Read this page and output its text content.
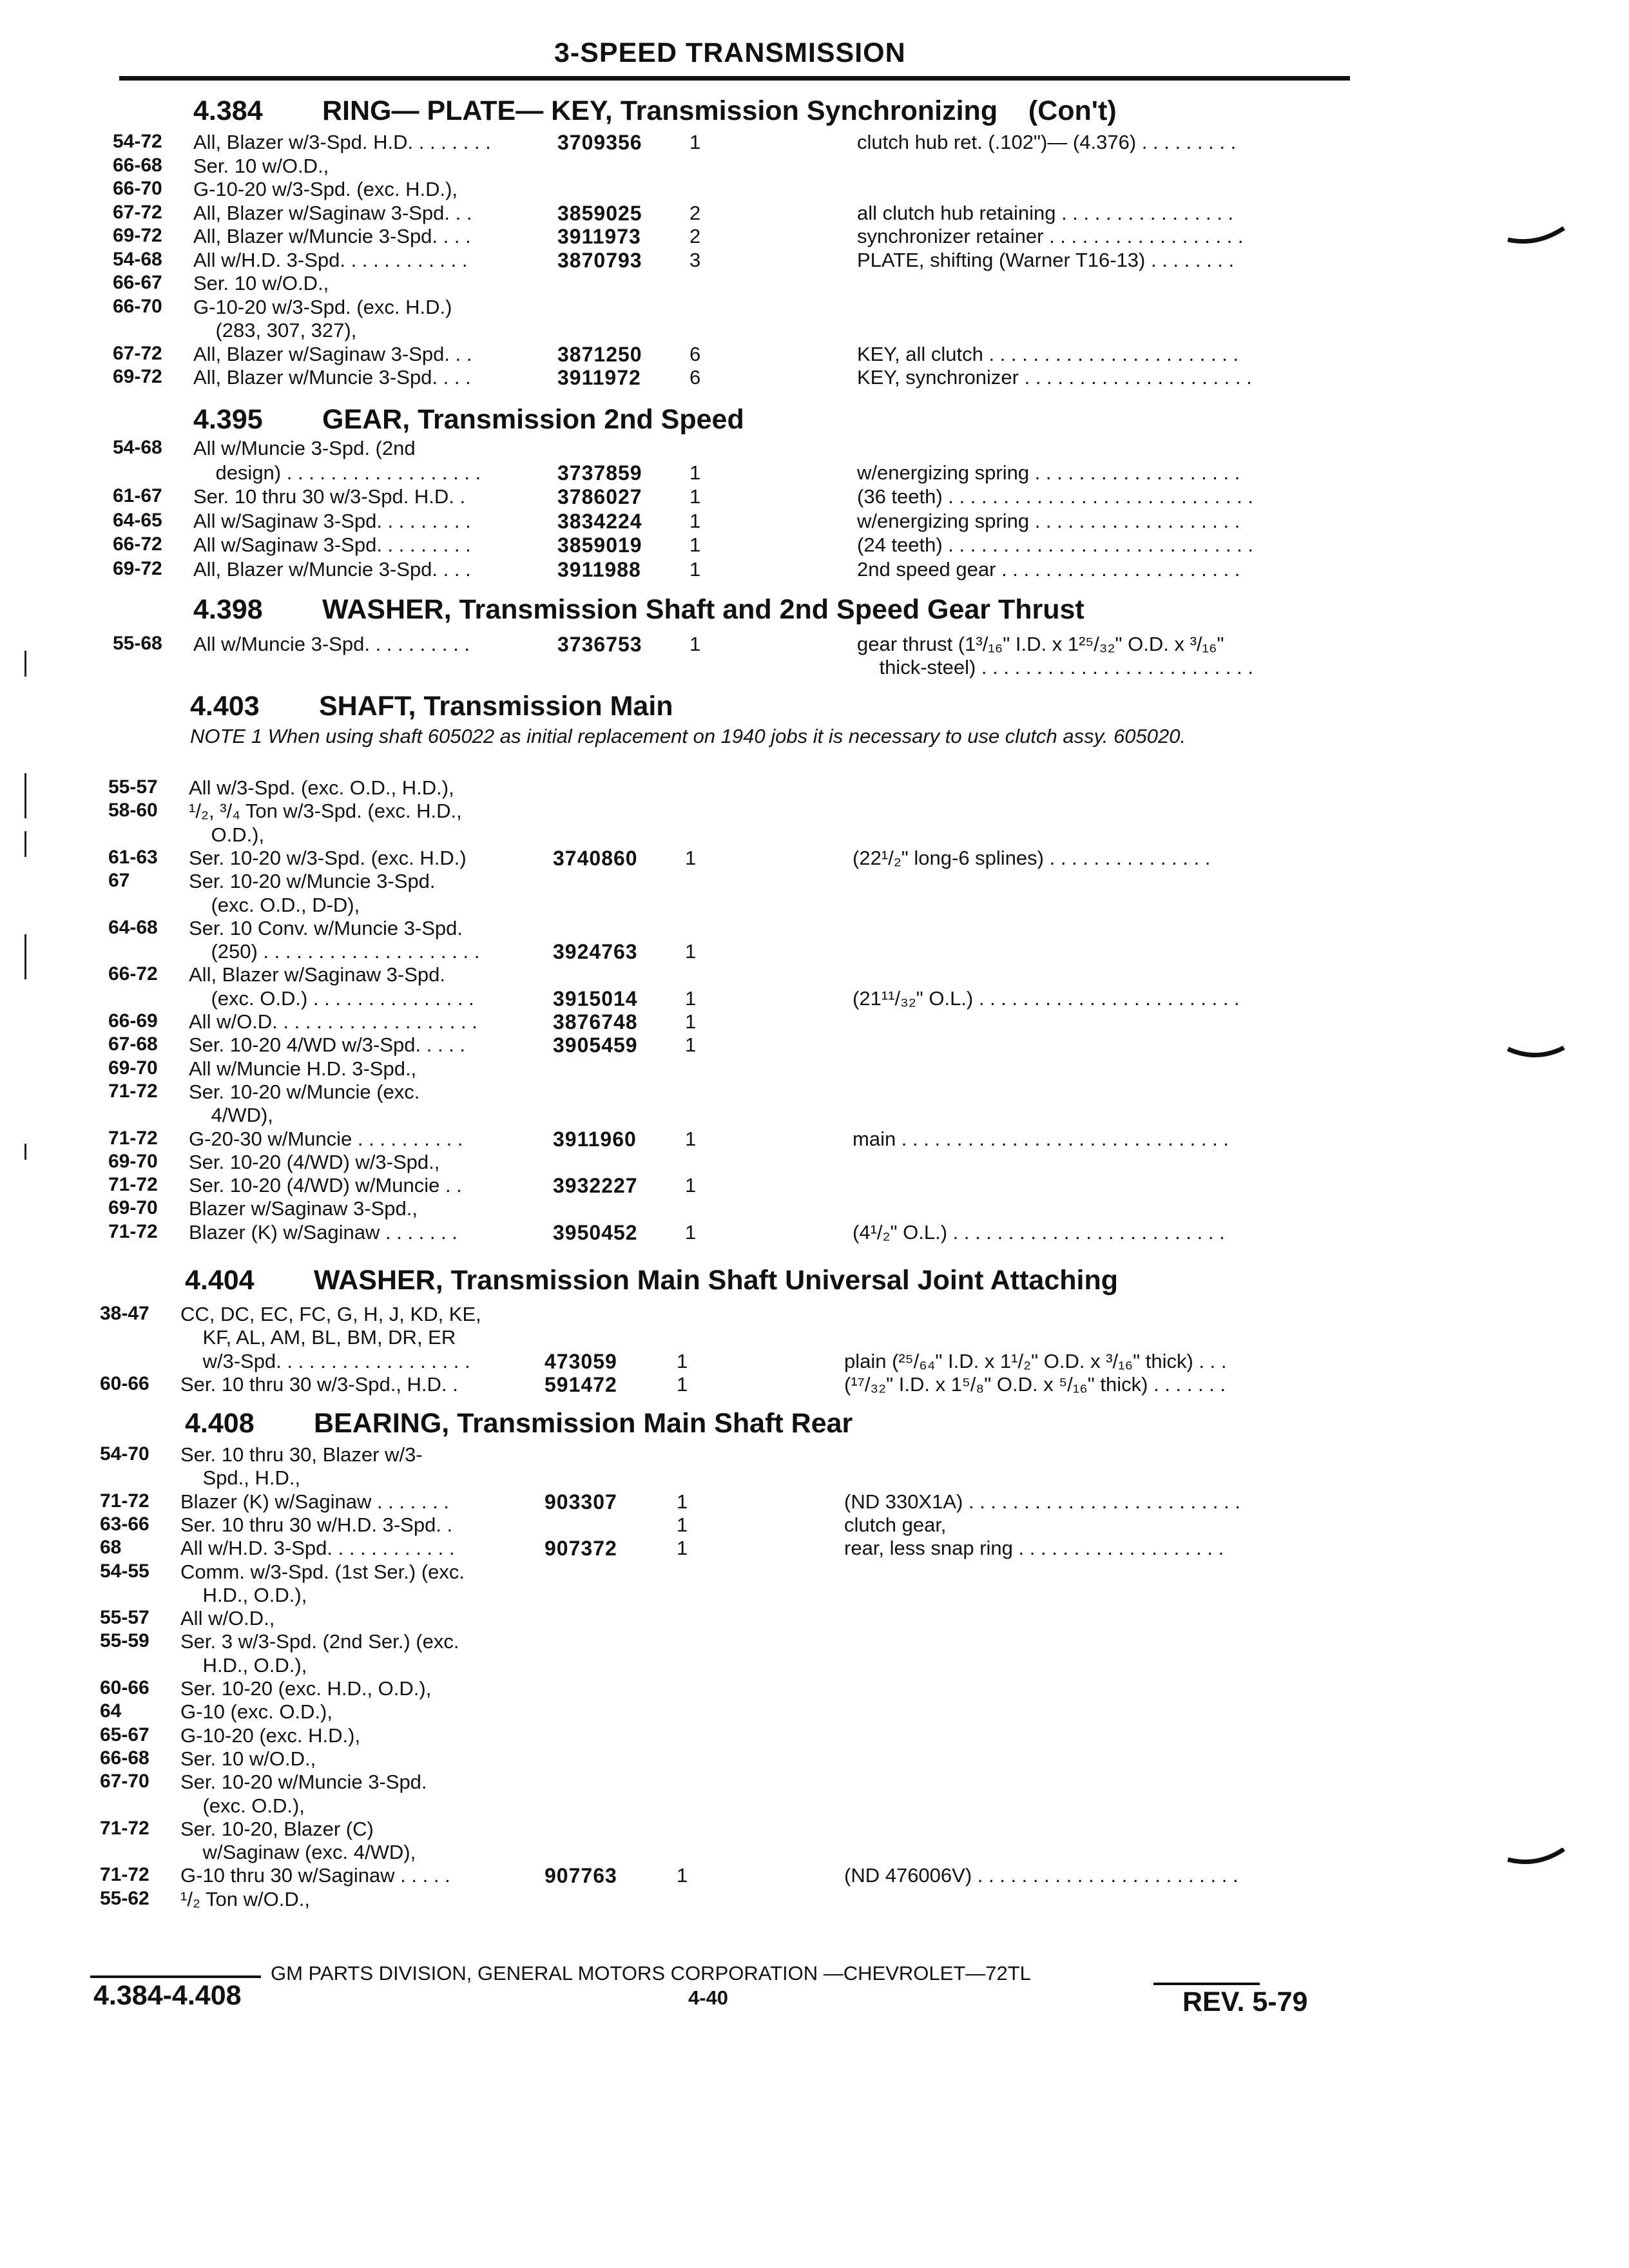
3-SPEED TRANSMISSION
4.384 RING— PLATE— KEY, Transmission Synchronizing    (Con't)
54-72 All, Blazer w/3-Spd. H.D. . . . . . . .	3709356 1	clutch hub ret. (.102")— (4.376) . . . . . . . . .
66-68 Ser. 10 w/O.D.,
66-70 G-10-20 w/3-Spd. (exc. H.D.),
67-72 All, Blazer w/Saginaw 3-Spd. . .	3859025 2	all clutch hub retaining . . . . . . . . . . . . . . . .
69-72 All, Blazer w/Muncie 3-Spd. . . .	3911973 2	synchronizer retainer . . . . . . . . . . . . . . . . . .
54-68 All w/H.D. 3-Spd. . . . . . . . . . . .	3870793 3	PLATE, shifting (Warner T16-13) . . . . . . . .
66-67 Ser. 10 w/O.D.,
66-70 G-10-20 w/3-Spd. (exc. H.D.)
(283, 307, 327),
67-72 All, Blazer w/Saginaw 3-Spd. . .	3871250 6	KEY, all clutch . . . . . . . . . . . . . . . . . . . . . . .
69-72 All, Blazer w/Muncie 3-Spd. . . .	3911972 6	KEY, synchronizer . . . . . . . . . . . . . . . . . . . . .
4.395 GEAR, Transmission 2nd Speed
54-68 All w/Muncie 3-Spd. (2nd
design) . . . . . . . . . . . . . . . . . .	3737859 1	w/energizing spring . . . . . . . . . . . . . . . . . . .
61-67 Ser. 10 thru 30 w/3-Spd. H.D. .	3786027 1	(36 teeth) . . . . . . . . . . . . . . . . . . . . . . . . . . . .
64-65 All w/Saginaw 3-Spd. . . . . . . . .	3834224 1	w/energizing spring . . . . . . . . . . . . . . . . . . .
66-72 All w/Saginaw 3-Spd. . . . . . . . .	3859019 1	(24 teeth) . . . . . . . . . . . . . . . . . . . . . . . . . . . .
69-72 All, Blazer w/Muncie 3-Spd. . . .	3911988 1	2nd speed gear . . . . . . . . . . . . . . . . . . . . . .
4.398 WASHER, Transmission Shaft and 2nd Speed Gear Thrust
55-68 All w/Muncie 3-Spd. . . . . . . . . .	3736753 1	gear thrust (1³/₁₆" I.D. x 1²⁵/₃₂" O.D. x ³/₁₆"
thick-steel) . . . . . . . . . . . . . . . . . . . . . . . . .
4.403 SHAFT, Transmission Main
NOTE 1 When using shaft 605022 as initial replacement on 1940 jobs it is necessary to use clutch assy. 605020.
55-57 All w/3-Spd. (exc. O.D., H.D.),
58-60 ¹/₂, ³/₄ Ton w/3-Spd. (exc. H.D.,
O.D.),
61-63 Ser. 10-20 w/3-Spd. (exc. H.D.)	3740860 1	(22¹/₂" long-6 splines) . . . . . . . . . . . . . . .
67	Ser. 10-20 w/Muncie 3-Spd.
(exc. O.D., D-D),
64-68 Ser. 10 Conv. w/Muncie 3-Spd.
(250) . . . . . . . . . . . . . . . . . . . .	3924763 1
66-72 All, Blazer w/Saginaw 3-Spd.
(exc. O.D.) . . . . . . . . . . . . . . .	3915014 1	(21¹¹/₃₂" O.L.) . . . . . . . . . . . . . . . . . . . . . . . .
66-69 All w/O.D. . . . . . . . . . . . . . . . . . .	3876748 1
67-68 Ser. 10-20 4/WD w/3-Spd. . . . .	3905459 1
69-70 All w/Muncie H.D. 3-Spd.,
71-72 Ser. 10-20 w/Muncie (exc.
4/WD),
71-72 G-20-30 w/Muncie . . . . . . . . . .	3911960 1	main . . . . . . . . . . . . . . . . . . . . . . . . . . . . . .
69-70 Ser. 10-20 (4/WD) w/3-Spd.,
71-72 Ser. 10-20 (4/WD) w/Muncie . .	3932227 1
69-70 Blazer w/Saginaw 3-Spd.,
71-72 Blazer (K) w/Saginaw . . . . . . .	3950452 1	(4¹/₂" O.L.) . . . . . . . . . . . . . . . . . . . . . . . . .
4.404 WASHER, Transmission Main Shaft Universal Joint Attaching
38-47 CC, DC, EC, FC, G, H, J, KD, KE,
KF, AL, AM, BL, BM, DR, ER
w/3-Spd. . . . . . . . . . . . . . . . . .	473059	1	plain (²⁵/₆₄" I.D. x 1¹/₂" O.D. x ³/₁₆" thick) . . .
60-66 Ser. 10 thru 30 w/3-Spd., H.D. .	591472	1	(¹⁷/₃₂" I.D. x 1⁵/₈" O.D. x ⁵/₁₆" thick) . . . . . . .
4.408 BEARING, Transmission Main Shaft Rear
54-70 Ser. 10 thru 30, Blazer w/3-
Spd., H.D.,
71-72 Blazer (K) w/Saginaw . . . . . . .	903307	1	(ND 330X1A) . . . . . . . . . . . . . . . . . . . . . . . . .
63-66 Ser. 10 thru 30 w/H.D. 3-Spd. .	1	clutch gear,
68	All w/H.D. 3-Spd. . . . . . . . . . . .	907372	1	rear, less snap ring . . . . . . . . . . . . . . . . . . .
54-55 Comm. w/3-Spd. (1st Ser.) (exc.
H.D., O.D.),
55-57 All w/O.D.,
55-59 Ser. 3 w/3-Spd. (2nd Ser.) (exc.
H.D., O.D.),
60-66 Ser. 10-20 (exc. H.D., O.D.),
64	G-10 (exc. O.D.),
65-67 G-10-20 (exc. H.D.),
66-68 Ser. 10 w/O.D.,
67-70 Ser. 10-20 w/Muncie 3-Spd.
(exc. O.D.),
71-72 Ser. 10-20, Blazer (C)
w/Saginaw (exc. 4/WD),
71-72 G-10 thru 30 w/Saginaw . . . . .	907763	1	(ND 476006V) . . . . . . . . . . . . . . . . . . . . . . . .
55-62 ¹/₂ Ton w/O.D.,
GM PARTS DIVISION, GENERAL MOTORS CORPORATION —CHEVROLET—72TL
4.384-4.408	4-40	REV. 5-79
